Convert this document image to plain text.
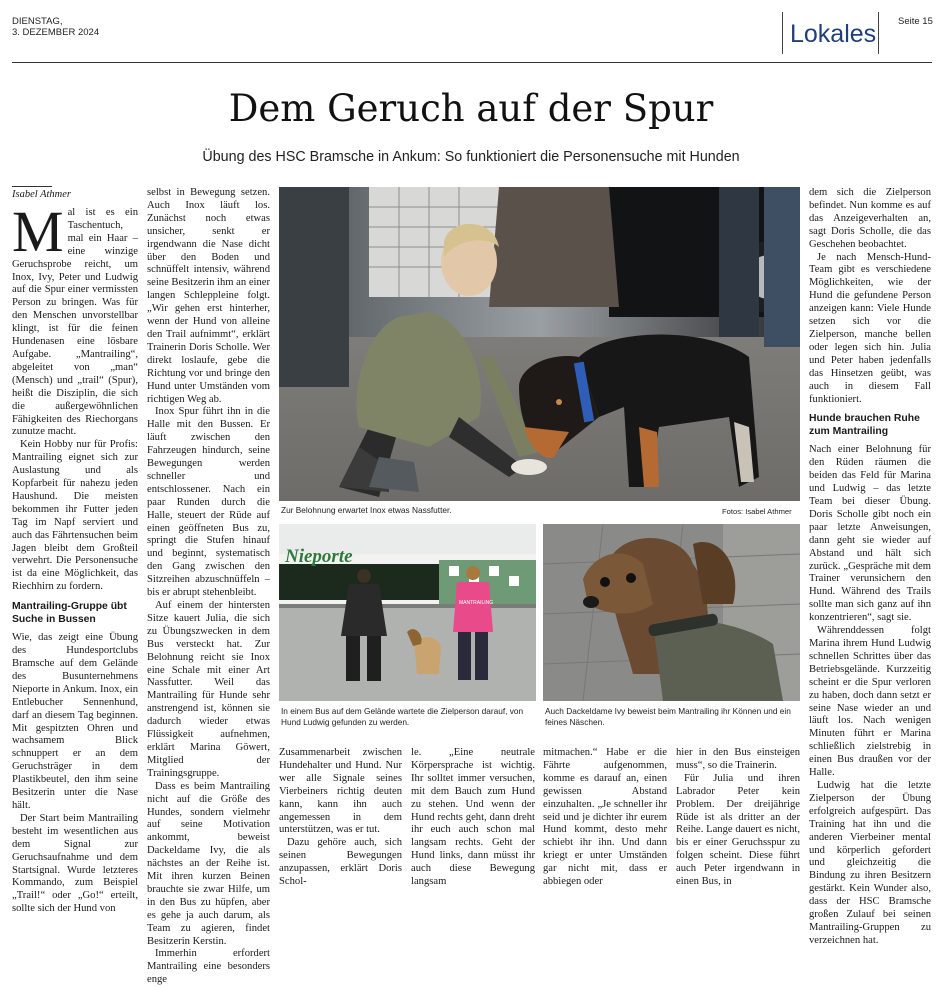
DIENSTAG,
3. DEZEMBER 2024	Lokales Seite 15
Dem Geruch auf der Spur
Übung des HSC Bramsche in Ankum: So funktioniert die Personensuche mit Hunden
Isabel Athmer

Mal ist es ein Taschentuch, mal ein Haar – eine winzige Geruchsprobe reicht, um Inox, Ivy, Peter und Ludwig auf die Spur einer vermissten Person zu bringen. Was für den Menschen unvorstellbar klingt, ist für die feinen Hundenasen eine lösbare Aufgabe. „Mantrailing“, abgeleitet von „man“ (Mensch) und „trail“ (Spur), heißt die Disziplin, die sich die außergewöhnlichen Fähigkeiten des Riechorgans zunutze macht.

Kein Hobby nur für Profis: Mantrailing eignet sich zur Auslastung und als Kopfarbeit für nahezu jeden Haushund. Die meisten bekommen ihr Futter jeden Tag im Napf serviert und auch das Fährtensuchen beim Jagen bleibt dem Großteil verwehrt. Die Personensuche ist da eine Möglichkeit, das Riechhirn zu fordern.

Mantrailing-Gruppe übt Suche in Bussen

Wie, das zeigt eine Übung des Hundesportclubs Bramsche auf dem Gelände des Busunternehmens Nieporte in Ankum. Inox, ein Entlebucher Sennenhund, darf an diesem Tag beginnen. Mit gespitzten Ohren und wachsamem Blick schnuppert er an dem Geruchsträger in dem Plastikbeutel, den ihm seine Besitzerin unter die Nase hält.

Der Start beim Mantrailing besteht im wesentlichen aus dem Signal zur Geruchsaufnahme und dem Startsignal. Wurde letzteres Kommando, zum Beispiel „Trail!“ oder „Go!“ erteilt, sollte sich der Hund von

selbst in Bewegung setzen. Auch Inox läuft los. Zunächst noch etwas unsicher, senkt er irgendwann die Nase dicht über den Boden und schnüffelt intensiv, während seine Besitzerin ihm an einer langen Schleppleine folgt. „Wir gehen erst hinterher, wenn der Hund von alleine den Trail aufnimmt“, erklärt Trainerin Doris Scholle. Wer direkt loslaufe, gebe die Richtung vor und bringe den Hund unter Umständen vom richtigen Weg ab.

Inox Spur führt ihn in die Halle mit den Bussen. Er läuft zwischen den Fahrzeugen hindurch, seine Bewegungen werden schneller und entschlossener. Nach ein paar Runden durch die Halle, steuert der Rüde auf einen geöffneten Bus zu, springt die Stufen hinauf und beginnt, systematisch den Gang zwischen den Sitzreihen abzuschnüffeln – bis er abrupt stehenbleibt.

Auf einem der hintersten Sitze kauert Julia, die sich zu Übungszwecken in dem Bus versteckt hat. Zur Belohnung reicht sie Inox eine Schale mit einer Art Nassfutter. Weil das Mantrailing für Hunde sehr anstrengend ist, können sie dadurch wieder etwas Flüssigkeit aufnehmen, erklärt Marina Göwert, Mitglied der Trainingsgruppe.

Dass es beim Mantrailing nicht auf die Größe des Hundes, sondern vielmehr auf seine Motivation ankommt, beweist Dackeldame Ivy, die als nächstes an der Reihe ist. Mit ihren kurzen Beinen brauchte sie zwar Hilfe, um in den Bus zu hüpfen, aber es gehe ja auch darum, als Team zu agieren, findet Besitzerin Kerstin.

Immerhin erfordert Mantrailing eine besonders enge

Zur Belohnung erwartet Inox etwas Nassfutter.	Fotos: Isabel Athmer
Nieporte
MANTRAILING
In einem Bus auf dem Gelände wartete die Zielperson darauf, von Hund Ludwig gefunden zu werden.
Auch Dackeldame Ivy beweist beim Mantrailing ihr Können und ein feines Näschen.

Zusammenarbeit zwischen Hundehalter und Hund. Nur wer alle Signale seines Vierbeiners richtig deuten kann, kann ihn auch angemessen in dem unterstützen, was er tut.

Dazu gehöre auch, sich seinen Bewegungen anzupassen, erklärt Doris Schol-

le. „Eine neutrale Körpersprache ist wichtig. Ihr solltet immer versuchen, mit dem Bauch zum Hund zu stehen. Und wenn der Hund rechts geht, dann dreht ihr euch auch schon mal langsam rechts. Geht der Hund links, dann müsst ihr auch diese Bewegung langsam

mitmachen.“ Habe er die Fährte aufgenommen, komme es darauf an, einen gewissen Abstand einzuhalten. „Je schneller ihr seid und je dichter ihr eurem Hund kommt, desto mehr schiebt ihr ihn. Und dann kriegt er unter Umständen gar nicht mit, dass er abbiegen oder

hier in den Bus einsteigen muss“, so die Trainerin.

Für Julia und ihren Labrador Peter kein Problem. Der dreijährige Rüde ist als dritter an der Reihe. Lange dauert es nicht, bis er einer Geruchsspur zu folgen scheint. Diese führt auch Peter irgendwann in einen Bus, in

dem sich die Zielperson befindet. Nun komme es auf das Anzeigeverhalten an, sagt Doris Scholle, die das Geschehen beobachtet.

Je nach Mensch-Hund-Team gibt es verschiedene Möglichkeiten, wie der Hund die gefundene Person anzeigen kann: Viele Hunde setzen sich vor die Zielperson, manche bellen oder legen sich hin. Julia und Peter haben jedenfalls das Hinsetzen geübt, was auch in diesem Fall funktioniert.

Hunde brauchen Ruhe zum Mantrailing

Nach einer Belohnung für den Rüden räumen die beiden das Feld für Marina und Ludwig – das letzte Team bei dieser Übung. Doris Scholle gibt noch ein paar letzte Anweisungen, dann geht sie wieder auf Abstand und hält sich zurück. „Gespräche mit dem Trainer verunsichern den Hund. Während des Trails sollte man sich ganz auf ihn konzentrieren“, sagt sie.

Währenddessen folgt Marina ihrem Hund Ludwig schnellen Schrittes über das Betriebsgelände. Kurzzeitig scheint er die Spur verloren zu haben, doch dann setzt er seine Nase wieder an und läuft los. Nach wenigen Minuten führt er Marina schließlich zielstrebig in einen Bus draußen vor der Halle.

Ludwig hat die letzte Zielperson der Übung erfolgreich aufgespürt. Das Training hat ihn und die anderen Vierbeiner mental und körperlich gefordert und gleichzeitig die Bindung zu ihren Besitzern gestärkt. Kein Wunder also, dass der HSC Bramsche großen Zulauf bei seinen Mantrailing-Gruppen zu verzeichnen hat.
